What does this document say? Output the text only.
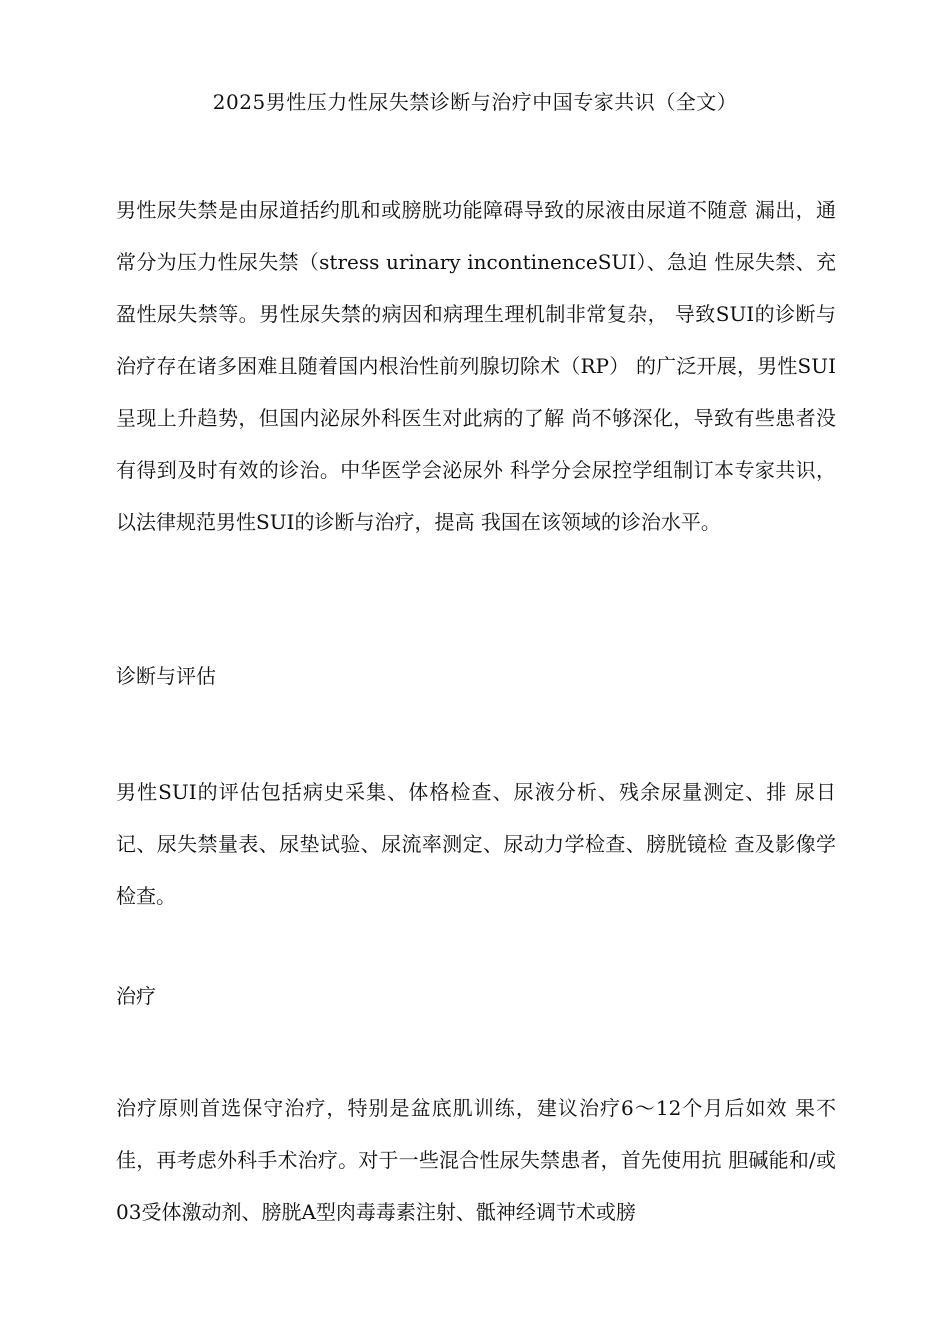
2025男性压力性尿失禁诊断与治疗中国专家共识（全文）

男性尿失禁是由尿道括约肌和或膀胱功能障碍导致的尿液由尿道不随意 漏出，通常分为压力性尿失禁（stress urinary incontinenceSUI）、急迫 性尿失禁、充盈性尿失禁等。男性尿失禁的病因和病理生理机制非常复杂， 导致SUI的诊断与治疗存在诸多困难且随着国内根治性前列腺切除术（RP） 的广泛开展，男性SUI呈现上升趋势，但国内泌尿外科医生对此病的了解 尚不够深化，导致有些患者没有得到及时有效的诊治。中华医学会泌尿外 科学分会尿控学组制订本专家共识，以法律规范男性SUI的诊断与治疗，提高 我国在该领域的诊治水平。

诊断与评估

男性SUI的评估包括病史采集、体格检查、尿液分析、残余尿量测定、排 尿日记、尿失禁量表、尿垫试验、尿流率测定、尿动力学检查、膀胱镜检 查及影像学检查。

治疗

治疗原则首选保守治疗，特别是盆底肌训练，建议治疗6〜12个月后如效 果不佳，再考虑外科手术治疗。对于一些混合性尿失禁患者，首先使用抗 胆碱能和/或03受体激动剂、膀胱A型肉毒毒素注射、骶神经调节术或膀
